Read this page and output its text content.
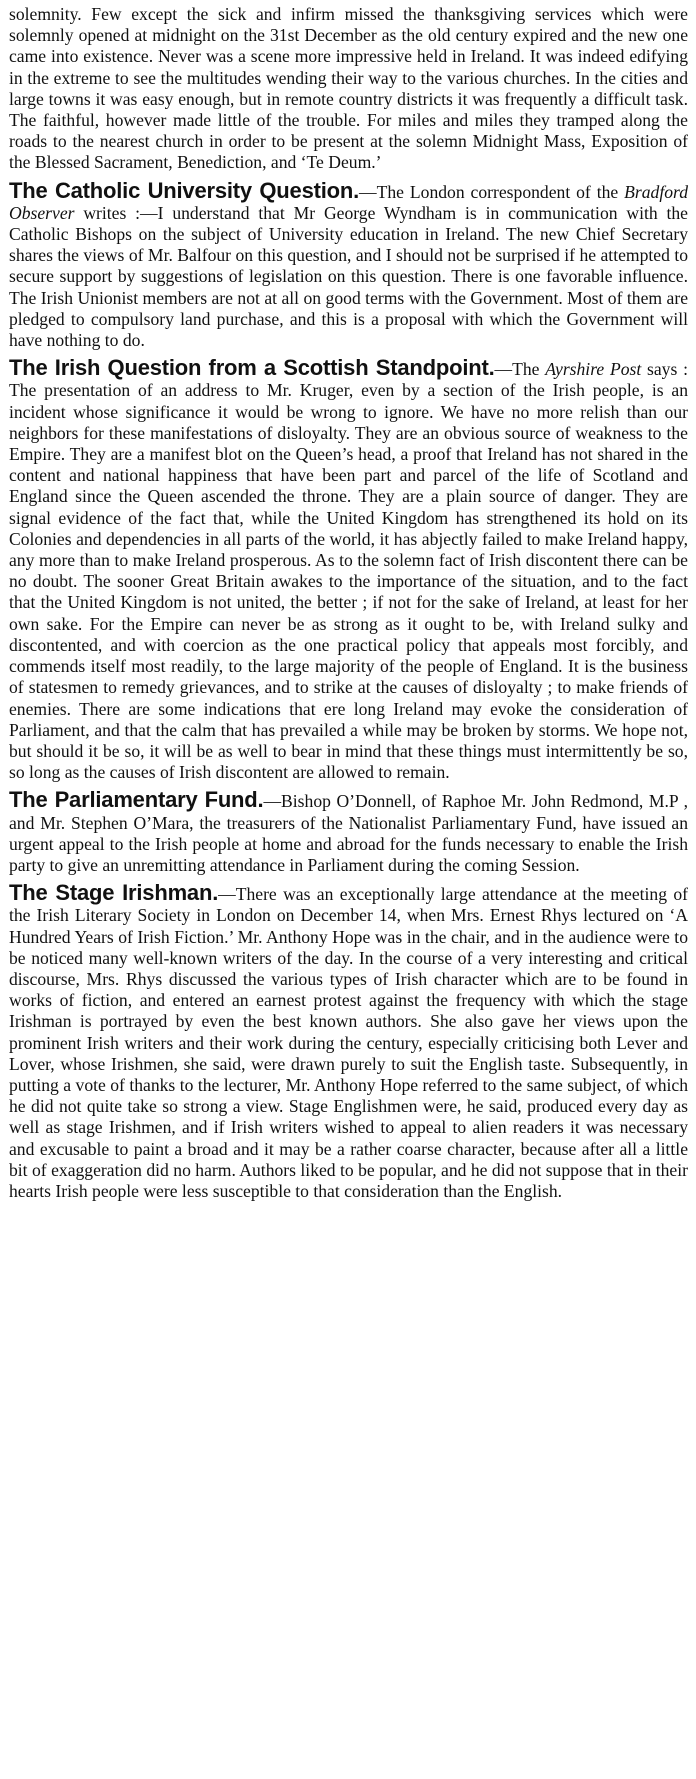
solemnity. Few except the sick and infirm missed the thanksgiving services which were solemnly opened at midnight on the 31st December as the old century expired and the new one came into existence. Never was a scene more impressive held in Ireland. It was indeed edifying in the extreme to see the multitudes wending their way to the various churches. In the cities and large towns it was easy enough, but in remote country districts it was frequently a difficult task. The faithful, however made little of the trouble. For miles and miles they tramped along the roads to the nearest church in order to be present at the solemn Midnight Mass, Exposition of the Blessed Sacrament, Benediction, and ‘Te Deum.’

The Catholic University Question.—The London correspondent of the Bradford Observer writes :—I understand that Mr George Wyndham is in communication with the Catholic Bishops on the subject of University education in Ireland. The new Chief Secretary shares the views of Mr. Balfour on this question, and I should not be surprised if he attempted to secure support by suggestions of legislation on this question. There is one favorable influence. The Irish Unionist members are not at all on good terms with the Government. Most of them are pledged to compulsory land purchase, and this is a proposal with which the Government will have nothing to do.

The Irish Question from a Scottish Standpoint.—The Ayrshire Post says : The presentation of an address to Mr. Kruger, even by a section of the Irish people, is an incident whose significance it would be wrong to ignore. We have no more relish than our neighbors for these manifestations of disloyalty. They are an obvious source of weakness to the Empire. They are a manifest blot on the Queen’s head, a proof that Ireland has not shared in the content and national happiness that have been part and parcel of the life of Scotland and England since the Queen ascended the throne. They are a plain source of danger. They are signal evidence of the fact that, while the United Kingdom has strengthened its hold on its Colonies and dependencies in all parts of the world, it has abjectly failed to make Ireland happy, any more than to make Ireland prosperous. As to the solemn fact of Irish discontent there can be no doubt. The sooner Great Britain awakes to the importance of the situation, and to the fact that the United Kingdom is not united, the better ; if not for the sake of Ireland, at least for her own sake. For the Empire can never be as strong as it ought to be, with Ireland sulky and discontented, and with coercion as the one practical policy that appeals most forcibly, and commends itself most readily, to the large majority of the people of England. It is the business of statesmen to remedy grievances, and to strike at the causes of disloyalty ; to make friends of enemies. There are some indications that ere long Ireland may evoke the consideration of Parliament, and that the calm that has prevailed a while may be broken by storms. We hope not, but should it be so, it will be as well to bear in mind that these things must intermittently be so, so long as the causes of Irish discontent are allowed to remain.

The Parliamentary Fund.—Bishop O’Donnell, of Raphoe Mr. John Redmond, M.P , and Mr. Stephen O’Mara, the treasurers of the Nationalist Parliamentary Fund, have issued an urgent appeal to the Irish people at home and abroad for the funds necessary to enable the Irish party to give an unremitting attendance in Parliament during the coming Session.

The Stage Irishman.—There was an exceptionally large attendance at the meeting of the Irish Literary Society in London on December 14, when Mrs. Ernest Rhys lectured on ‘A Hundred Years of Irish Fiction.’ Mr. Anthony Hope was in the chair, and in the audience were to be noticed many well-known writers of the day. In the course of a very interesting and critical discourse, Mrs. Rhys discussed the various types of Irish character which are to be found in works of fiction, and entered an earnest protest against the frequency with which the stage Irishman is portrayed by even the best known authors. She also gave her views upon the prominent Irish writers and their work during the century, especially criticising both Lever and Lover, whose Irishmen, she said, were drawn purely to suit the English taste. Subsequently, in putting a vote of thanks to the lecturer, Mr. Anthony Hope referred to the same subject, of which he did not quite take so strong a view. Stage Englishmen were, he said, produced every day as well as stage Irishmen, and if Irish writers wished to appeal to alien readers it was necessary and excusable to paint a broad and it may be a rather coarse character, because after all a little bit of exaggeration did no harm. Authors liked to be popular, and he did not suppose that in their hearts Irish people were less susceptible to that consideration than the English.
